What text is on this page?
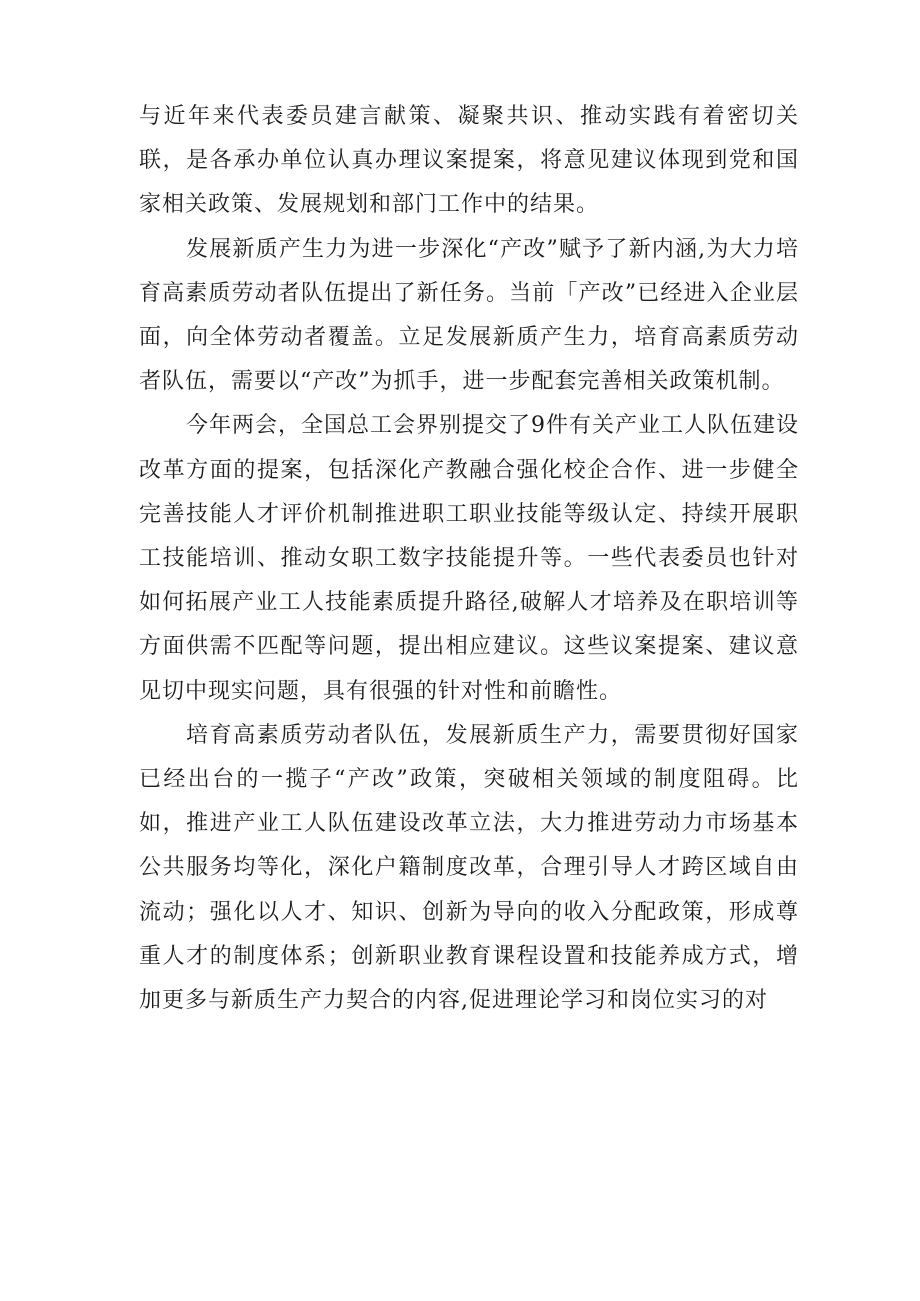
与近年来代表委员建言献策、凝聚共识、推动实践有着密切关联，是各承办单位认真办理议案提案，将意见建议体现到党和国家相关政策、发展规划和部门工作中的结果。

发展新质产生力为进一步深化“产改”赋予了新内涵,为大力培育高素质劳动者队伍提出了新任务。当前「产改”已经进入企业层面，向全体劳动者覆盖。立足发展新质产生力，培育高素质劳动者队伍，需要以“产改”为抓手，进一步配套完善相关政策机制。

今年两会，全国总工会界别提交了9件有关产业工人队伍建设改革方面的提案，包括深化产教融合强化校企合作、进一步健全完善技能人才评价机制推进职工职业技能等级认定、持续开展职工技能培训、推动女职工数字技能提升等。一些代表委员也针对如何拓展产业工人技能素质提升路径,破解人才培养及在职培训等方面供需不匹配等问题，提出相应建议。这些议案提案、建议意见切中现实问题，具有很强的针对性和前瞻性。

培育高素质劳动者队伍，发展新质生产力，需要贯彻好国家已经出台的一揽子“产改”政策，突破相关领域的制度阻碍。比如，推进产业工人队伍建设改革立法，大力推进劳动力市场基本公共服务均等化，深化户籍制度改革，合理引导人才跨区域自由流动；强化以人才、知识、创新为导向的收入分配政策，形成尊重人才的制度体系；创新职业教育课程设置和技能养成方式，增加更多与新质生产力契合的内容,促进理论学习和岗位实习的对
